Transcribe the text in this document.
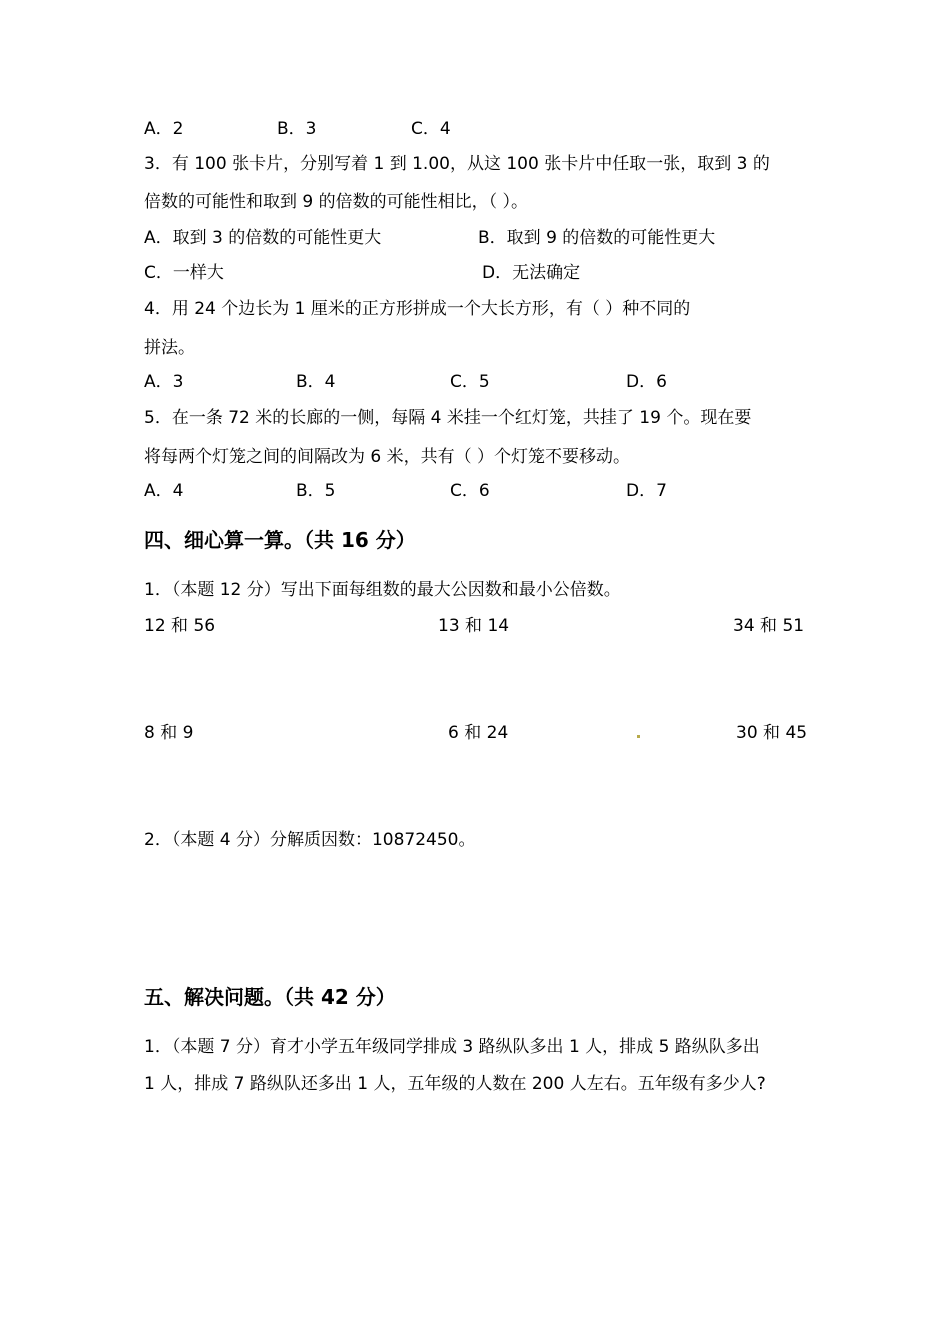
A．2	B．3	C．4
3．有 100 张卡片，分别写着 1 到 1.00，从这 100 张卡片中任取一张，取到 3 的
倍数的可能性和取到 9 的倍数的可能性相比，（ ）。
A．取到 3 的倍数的可能性更大	B．取到 9 的倍数的可能性更大
C．一样大	D．无法确定
4．用 24 个边长为 1 厘米的正方形拼成一个大长方形，有（ ）种不同的
拼法。
A．3	B．4	C．5	D．6
5．在一条 72 米的长廊的一侧，每隔 4 米挂一个红灯笼，共挂了 19 个。现在要
将每两个灯笼之间的间隔改为 6 米，共有（ ）个灯笼不要移动。
A．4	B．5	C．6	D．7
四、细心算一算。（共 16 分）
1．（本题 12 分）写出下面每组数的最大公因数和最小公倍数。
12 和 56	13 和 14	34 和 51
8 和 9	6 和 24	30 和 45
2．（本题 4 分）分解质因数：10872450。
五、解决问题。（共 42 分）
1．（本题 7 分）育才小学五年级同学排成 3 路纵队多出 1 人，排成 5 路纵队多出
1 人，排成 7 路纵队还多出 1 人，五年级的人数在 200 人左右。五年级有多少人?
